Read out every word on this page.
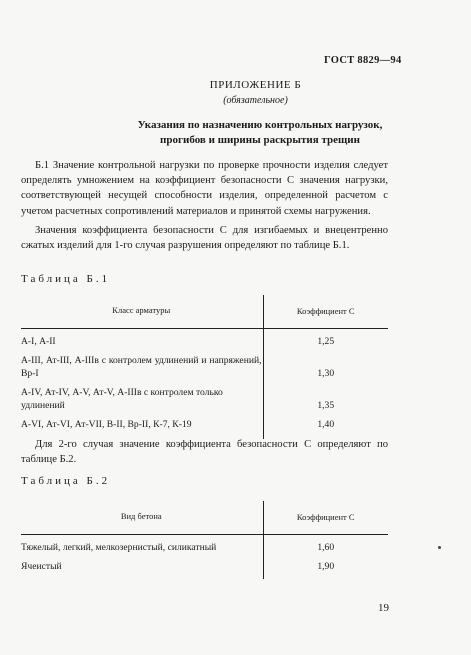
ГОСТ 8829—94
ПРИЛОЖЕНИЕ Б
(обязательное)
Указания по назначению контрольных нагрузок,
прогибов и ширины раскрытия трещин
Б.1 Значение контрольной нагрузки по проверке прочности изделия следует определять умножением на коэффициент безопасности С значения нагрузки, соответствующей несущей способности изделия, определенной расчетом с учетом расчетных сопротивлений материалов и принятой схемы нагружения.
Значения коэффициента безопасности С для изгибаемых и внецентренно сжатых изделий для 1-го случая разрушения определяют по таблице Б.1.
Таблица Б.1
Класс арматуры	Коэффициент С
А-I, А-II	1,25
А-III, Ат-III, А-IIIв с контролем удлинений и напряжений, Вр-I	1,30
А-IV, Ат-IV, А-V, Ат-V, А-IIIв с контролем только удлинений	1,35
А-VI, Ат-VI, Ат-VII, В-II, Вр-II, К-7, К-19	1,40
Для 2-го случая значение коэффициента безопасности С определяют по таблице Б.2.
Таблица Б.2
Вид бетона	Коэффициент С
Тяжелый, легкий, мелкозернистый, силикатный	1,60
Ячеистый	1,90
19
